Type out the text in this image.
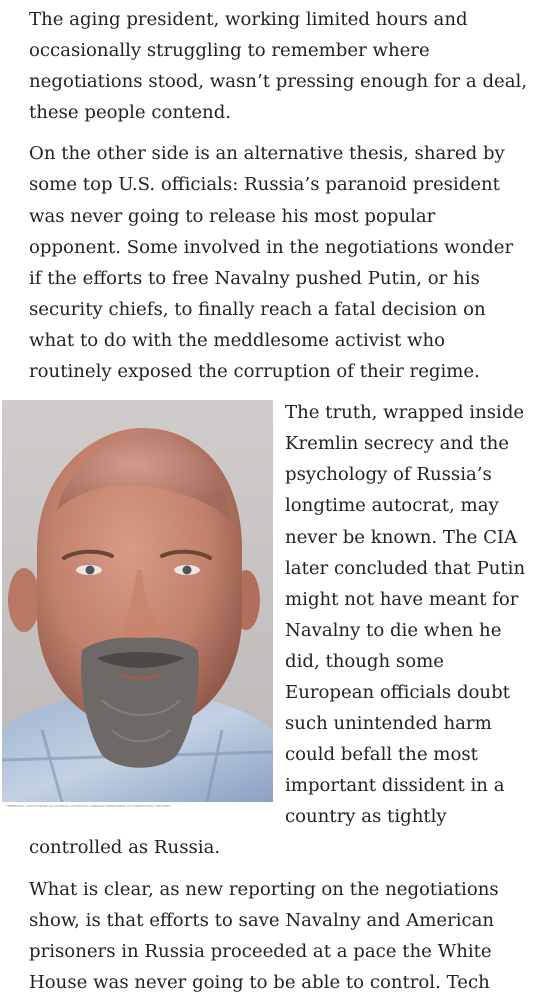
The aging president, working limited hours and occasionally struggling to remember where negotiations stood, wasn’t pressing enough for a deal, these people contend.

On the other side is an alternative thesis, shared by some top U.S. officials: Russia’s paranoid president was never going to release his most popular opponent. Some involved in the negotiations wonder if the efforts to free Navalny pushed Putin, or his security chiefs, to finally reach a fatal decision on what to do with the meddlesome activist who routinely exposed the corruption of their regime.

TENNESSEE / PHOTOGRAPH VIA MATERIAL OF PATRICK LANNIGAN DEPARTMENT OF CORRECTIONS / REUTERS

The truth, wrapped inside Kremlin secrecy and the psychology of Russia’s longtime autocrat, may never be known. The CIA later concluded that Putin might not have meant for Navalny to die when he did, though some European officials doubt such unintended harm could befall the most important dissident in a country as tightly controlled as Russia.

What is clear, as new reporting on the negotiations show, is that efforts to save Navalny and American prisoners in Russia proceeded at a pace the White House was never going to be able to control. Tech
